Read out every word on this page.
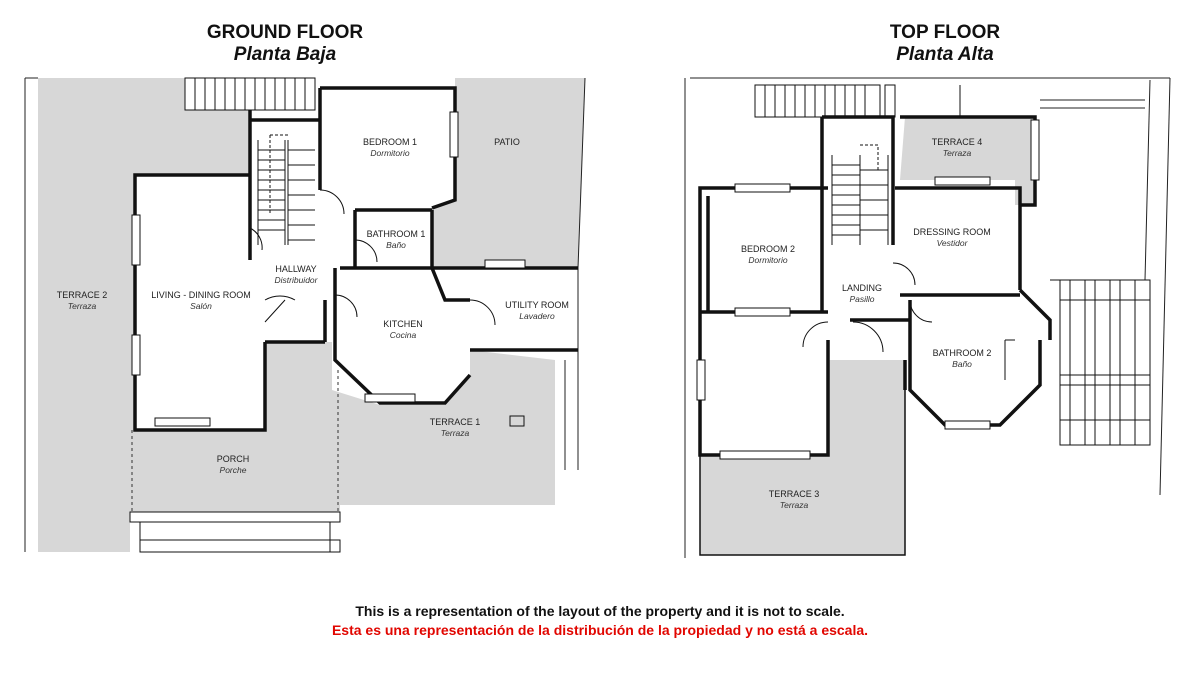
GROUND FLOOR
Planta Baja
TOP FLOOR
Planta Alta
TERRACE 2
Terraza
LIVING - DINING ROOM
Salón
HALLWAY
Distribuidor
BEDROOM 1
Dormitorio
BATHROOM 1
Baño
PATIO
KITCHEN
Cocina
UTILITY ROOM
Lavadero
TERRACE 1
Terraza
PORCH
Porche
TERRACE 4
Terraza
BEDROOM 2
Dormitorio
DRESSING ROOM
Vestidor
LANDING
Pasillo
BATHROOM 2
Baño
TERRACE 3
Terraza
This is a representation of the layout of the property and it is not to scale.
Esta es una representación de la distribución de la propiedad y no está a escala.
